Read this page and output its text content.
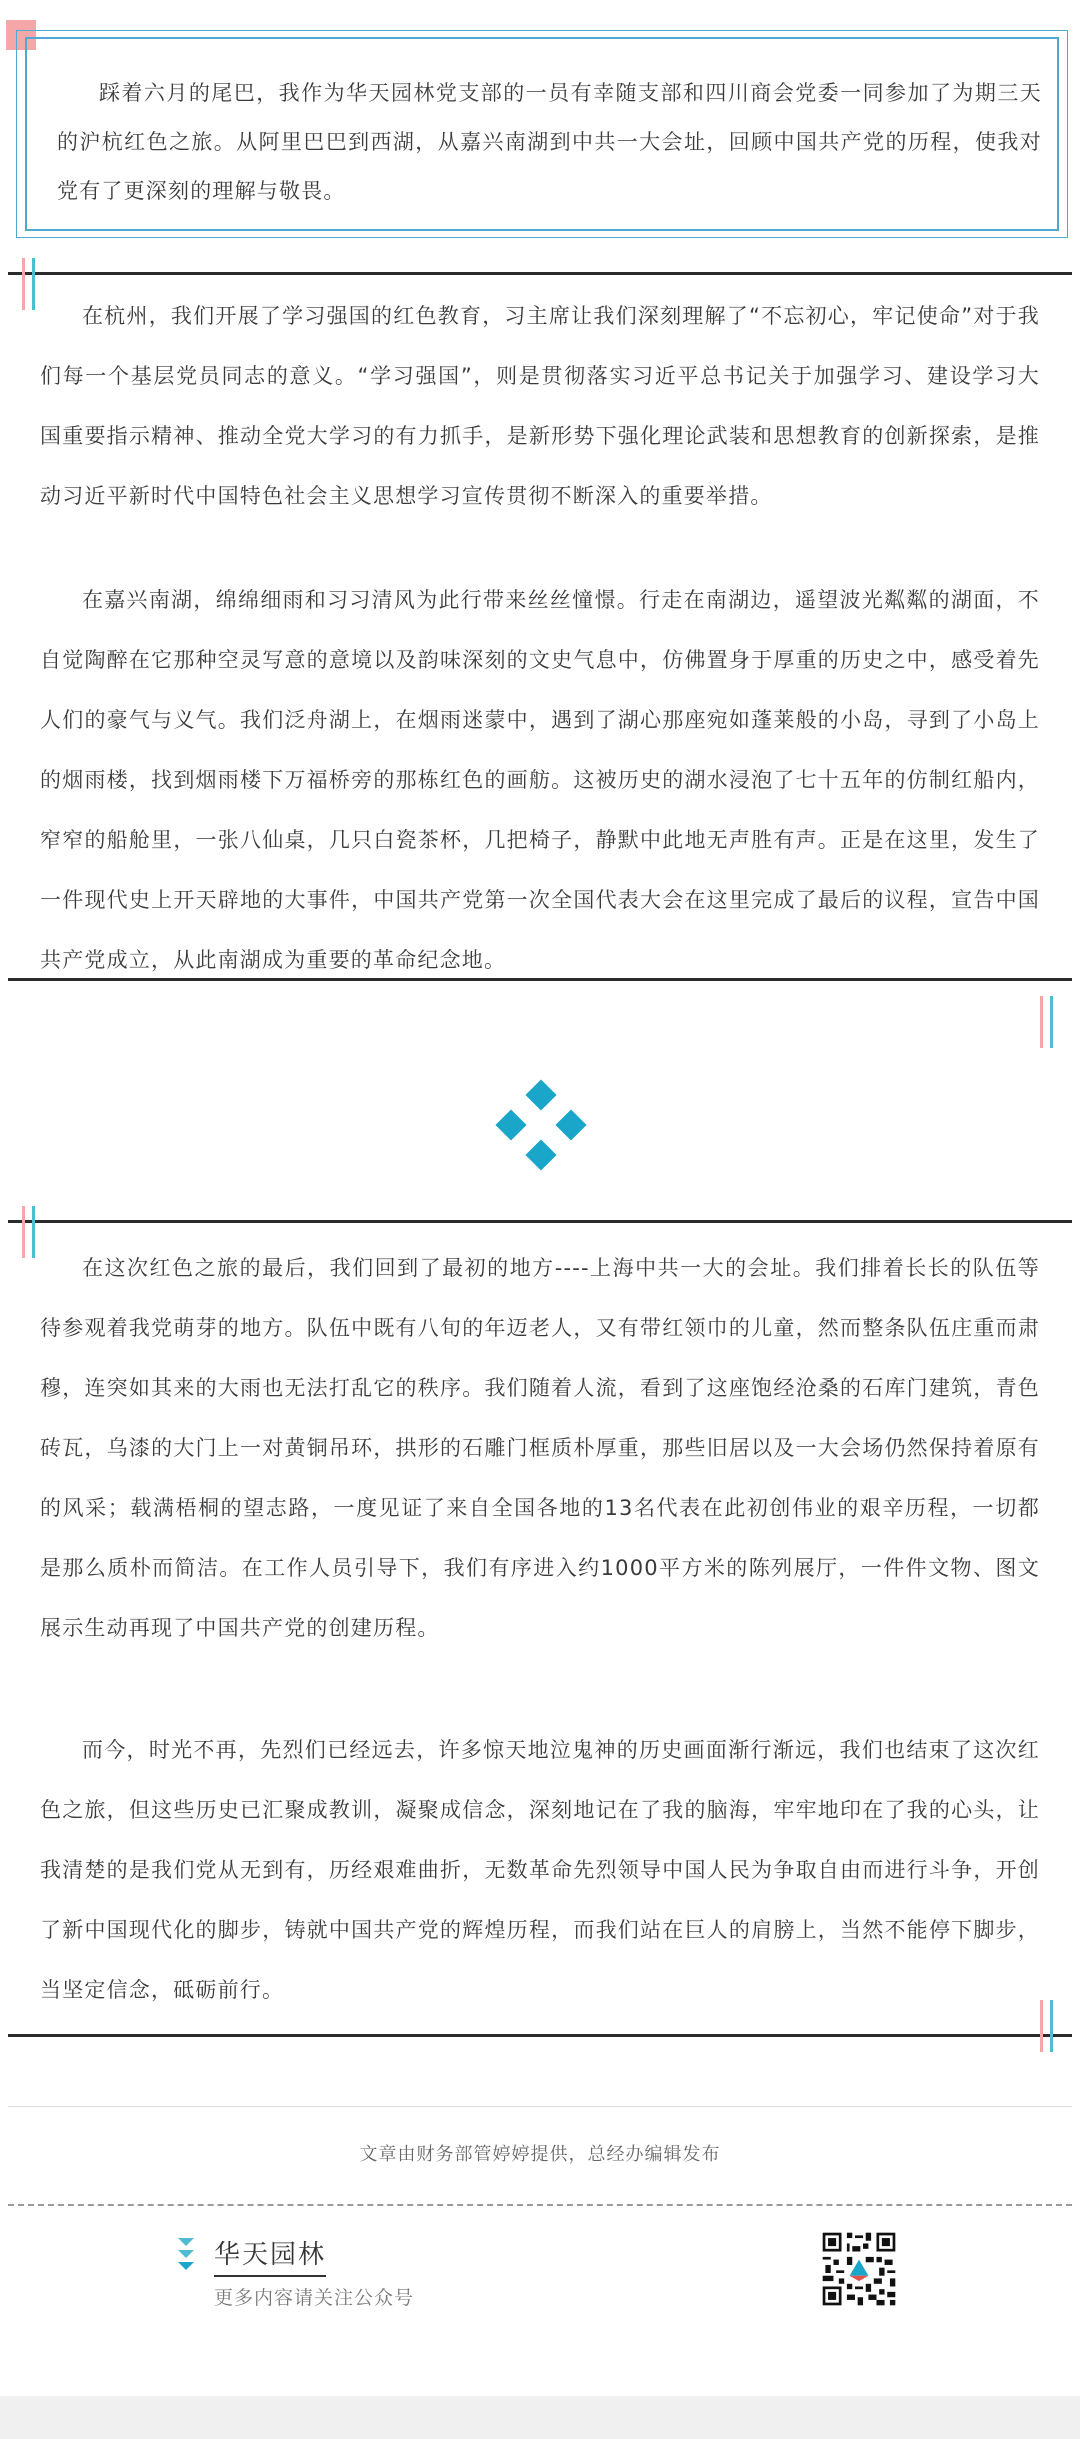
踩着六月的尾巴，我作为华天园林党支部的一员有幸随支部和四川商会党委一同参加了为期三天的沪杭红色之旅。从阿里巴巴到西湖，从嘉兴南湖到中共一大会址，回顾中国共产党的历程，使我对党有了更深刻的理解与敬畏。

在杭州，我们开展了学习强国的红色教育，习主席让我们深刻理解了“不忘初心，牢记使命”对于我们每一个基层党员同志的意义。“学习强国”，则是贯彻落实习近平总书记关于加强学习、建设学习大国重要指示精神、推动全党大学习的有力抓手，是新形势下强化理论武装和思想教育的创新探索，是推动习近平新时代中国特色社会主义思想学习宣传贯彻不断深入的重要举措。

在嘉兴南湖，绵绵细雨和习习清风为此行带来丝丝憧憬。行走在南湖边，遥望波光粼粼的湖面，不自觉陶醉在它那种空灵写意的意境以及韵味深刻的文史气息中，仿佛置身于厚重的历史之中，感受着先人们的豪气与义气。我们泛舟湖上，在烟雨迷蒙中，遇到了湖心那座宛如蓬莱般的小岛，寻到了小岛上的烟雨楼，找到烟雨楼下万福桥旁的那栋红色的画舫。这被历史的湖水浸泡了七十五年的仿制红船内，窄窄的船舱里，一张八仙桌，几只白瓷茶杯，几把椅子，静默中此地无声胜有声。正是在这里，发生了一件现代史上开天辟地的大事件，中国共产党第一次全国代表大会在这里完成了最后的议程，宣告中国共产党成立，从此南湖成为重要的革命纪念地。

在这次红色之旅的最后，我们回到了最初的地方----上海中共一大的会址。我们排着长长的队伍等待参观着我党萌芽的地方。队伍中既有八旬的年迈老人，又有带红领巾的儿童，然而整条队伍庄重而肃穆，连突如其来的大雨也无法打乱它的秩序。我们随着人流，看到了这座饱经沧桑的石库门建筑，青色砖瓦，乌漆的大门上一对黄铜吊环，拱形的石雕门框质朴厚重，那些旧居以及一大会场仍然保持着原有的风采；载满梧桐的望志路，一度见证了来自全国各地的13名代表在此初创伟业的艰辛历程，一切都是那么质朴而简洁。在工作人员引导下，我们有序进入约1000平方米的陈列展厅，一件件文物、图文展示生动再现了中国共产党的创建历程。

而今，时光不再，先烈们已经远去，许多惊天地泣鬼神的历史画面渐行渐远，我们也结束了这次红色之旅，但这些历史已汇聚成教训，凝聚成信念，深刻地记在了我的脑海，牢牢地印在了我的心头，让我清楚的是我们党从无到有，历经艰难曲折，无数革命先烈领导中国人民为争取自由而进行斗争，开创了新中国现代化的脚步，铸就中国共产党的辉煌历程，而我们站在巨人的肩膀上，当然不能停下脚步，当坚定信念，砥砺前行。

文章由财务部管婷婷提供，总经办编辑发布
华天园林
更多内容请关注公众号
